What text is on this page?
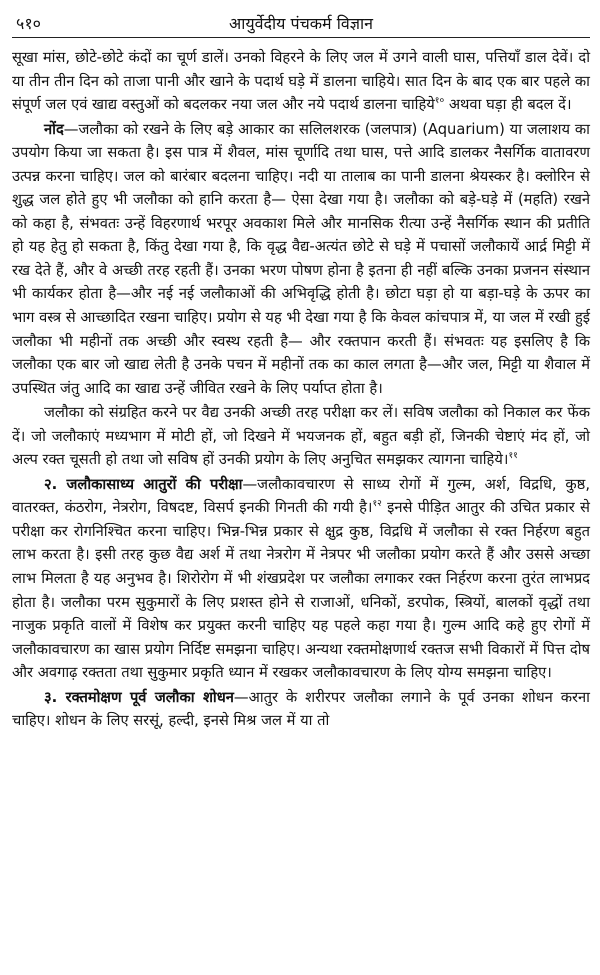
५१०	आयुर्वेदीय पंचकर्म विज्ञान

सूखा मांस, छोटे-छोटे कंदों का चूर्ण डालें। उनको विहरने के लिए जल में उगने वाली घास, पत्तियाँ डाल देवें। दो या तीन तीन दिन को ताजा पानी और खाने के पदार्थ घड़े में डालना चाहिये। सात दिन के बाद एक बार पहले का संपूर्ण जल एवं खाद्य वस्तुओं को बदलकर नया जल और नये पदार्थ डालना चाहिये$^{१०}$ अथवा घड़ा ही बदल दें।

नोंद—जलौका को रखने के लिए बड़े आकार का सलिलशरक (जलपात्र) (Aquarium) या जलाशय का उपयोग किया जा सकता है। इस पात्र में शैवल, मांस चूर्णादि तथा घास, पत्ते आदि डालकर नैसर्गिक वातावरण उत्पन्न करना चाहिए। जल को बारंबार बदलना चाहिए। नदी या तालाब का पानी डालना श्रेयस्कर है। क्लोरिन से शुद्ध जल होते हुए भी जलौका को हानि करता है— ऐसा देखा गया है। जलौका को बड़े-घड़े में (महति) रखने को कहा है, संभवतः उन्हें विहरणार्थ भरपूर अवकाश मिले और मानसिक रीत्या उन्हें नैसर्गिक स्थान की प्रतीति हो यह हेतु हो सकता है, किंतु देखा गया है, कि वृद्ध वैद्य-अत्यंत छोटे से घड़े में पचासों जलौकायें आर्द्र मिट्टी में रख देते हैं, और वे अच्छी तरह रहती हैं। उनका भरण पोषण होना है इतना ही नहीं बल्कि उनका प्रजनन संस्थान भी कार्यकर होता है—और नई नई जलौकाओं की अभिवृद्धि होती है। छोटा घड़ा हो या बड़ा-घड़े के ऊपर का भाग वस्त्र से आच्छादित रखना चाहिए। प्रयोग से यह भी देखा गया है कि केवल कांचपात्र में, या जल में रखी हुई जलौका भी महीनों तक अच्छी और स्वस्थ रहती है— और रक्तपान करती हैं। संभवतः यह इसलिए है कि जलौका एक बार जो खाद्य लेती है उनके पचन में महीनों तक का काल लगता है—और जल, मिट्टी या शैवाल में उपस्थित जंतु आदि का खाद्य उन्हें जीवित रखने के लिए पर्याप्त होता है।

जलौका को संग्रहित करने पर वैद्य उनकी अच्छी तरह परीक्षा कर लें। सविष जलौका को निकाल कर फेंक दें। जो जलौकाएं मध्यभाग में मोटी हों, जो दिखने में भयजनक हों, बहुत बड़ी हों, जिनकी चेष्टाएं मंद हों, जो अल्प रक्त चूसती हो तथा जो सविष हों उनकी प्रयोग के लिए अनुचित समझकर त्यागना चाहिये।$^{११}$

२. जलौकासाध्य आतुरों की परीक्षा—जलौकावचारण से साध्य रोगों में गुल्म, अर्श, विद्रधि, कुष्ठ, वातरक्त, कंठरोग, नेत्ररोग, विषदष्ट, विसर्प इनकी गिनती की गयी है।$^{१२}$ इनसे पीड़ित आतुर की उचित प्रकार से परीक्षा कर रोगनिश्चित करना चाहिए। भिन्न-भिन्न प्रकार से क्षुद्र कुष्ठ, विद्रधि में जलौका से रक्त निर्हरण बहुत लाभ करता है। इसी तरह कुछ वैद्य अर्श में तथा नेत्ररोग में नेत्रपर भी जलौका प्रयोग करते हैं और उससे अच्छा लाभ मिलता है यह अनुभव है। शिरोरोग में भी शंखप्रदेश पर जलौका लगाकर रक्त निर्हरण करना तुरंत लाभप्रद होता है। जलौका परम सुकुमारों के लिए प्रशस्त होने से राजाओं, धनिकों, डरपोक, स्त्रियों, बालकों वृद्धों तथा नाजुक प्रकृति वालों में विशेष कर प्रयुक्त करनी चाहिए यह पहले कहा गया है। गुल्म आदि कहे हुए रोगों में जलौकावचारण का खास प्रयोग निर्दिष्ट समझना चाहिए। अन्यथा रक्तमोक्षणार्थ रक्तज सभी विकारों में पित्त दोष और अवगाढ़ रक्तता तथा सुकुमार प्रकृति ध्यान में रखकर जलौकावचारण के लिए योग्य समझना चाहिए।

३. रक्तमोक्षण पूर्व जलौका शोधन—आतुर के शरीरपर जलौका लगाने के पूर्व उनका शोधन करना चाहिए। शोधन के लिए सरसूं, हल्दी, इनसे मिश्र जल में या तो
